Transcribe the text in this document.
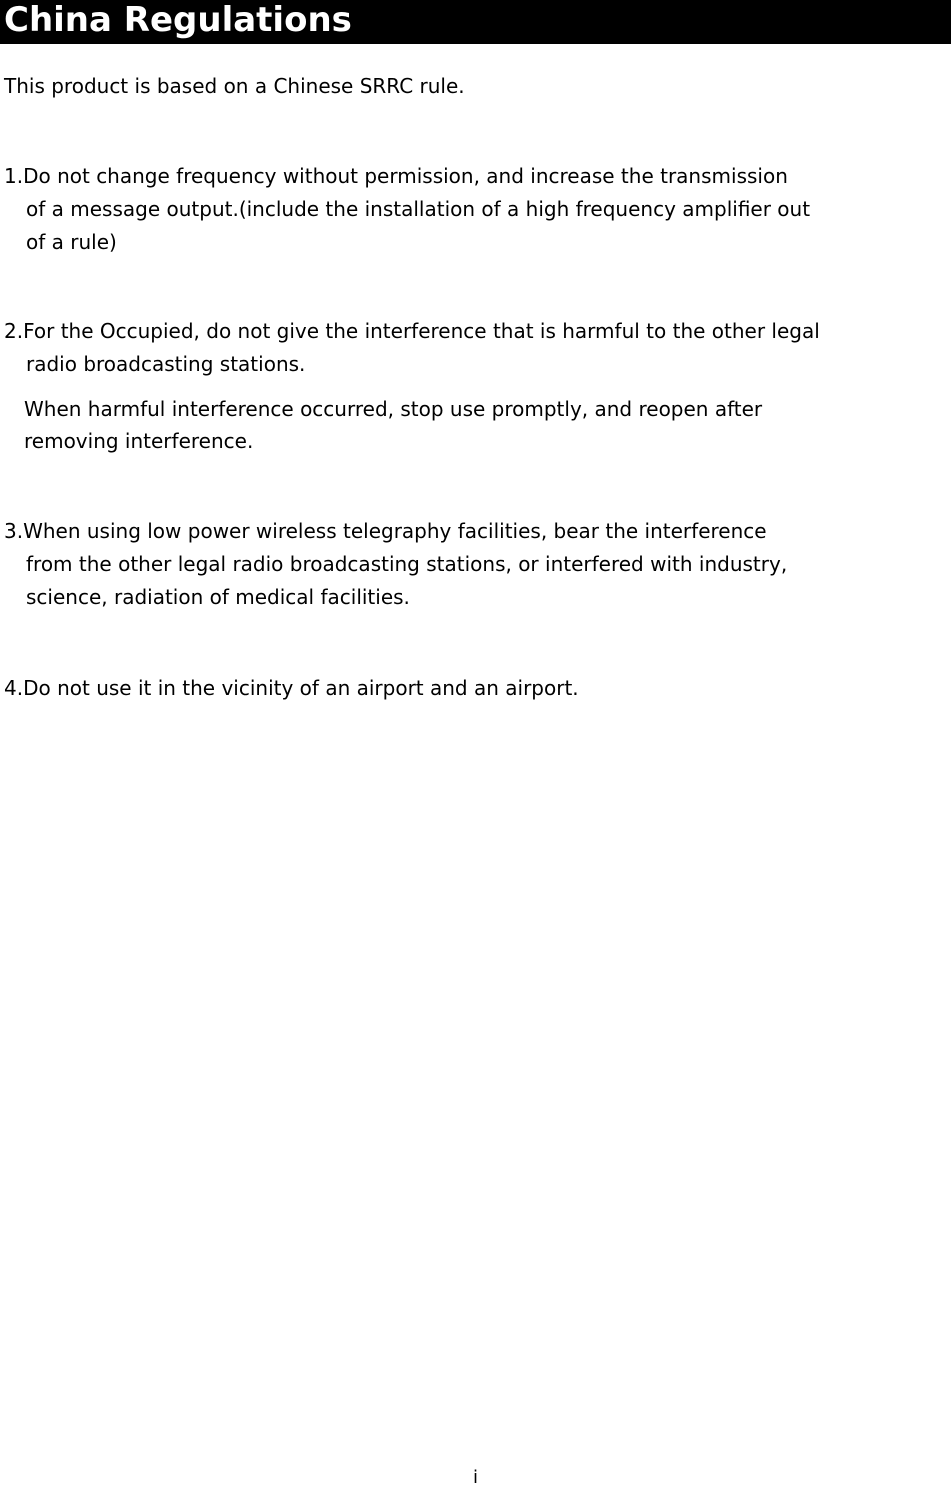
China Regulations
This product is based on a Chinese SRRC rule.
1.Do not change frequency without permission, and increase the transmission
of a message output.(include the installation of a high frequency amplifier out
of a rule)
2.For the Occupied, do not give the interference that is harmful to the other legal
radio broadcasting stations.
When harmful interference occurred, stop use promptly, and reopen after
removing interference.
3.When using low power wireless telegraphy facilities, bear the interference
from the other legal radio broadcasting stations, or interfered with industry,
science, radiation of medical facilities.
4.Do not use it in the vicinity of an airport and an airport.
i
